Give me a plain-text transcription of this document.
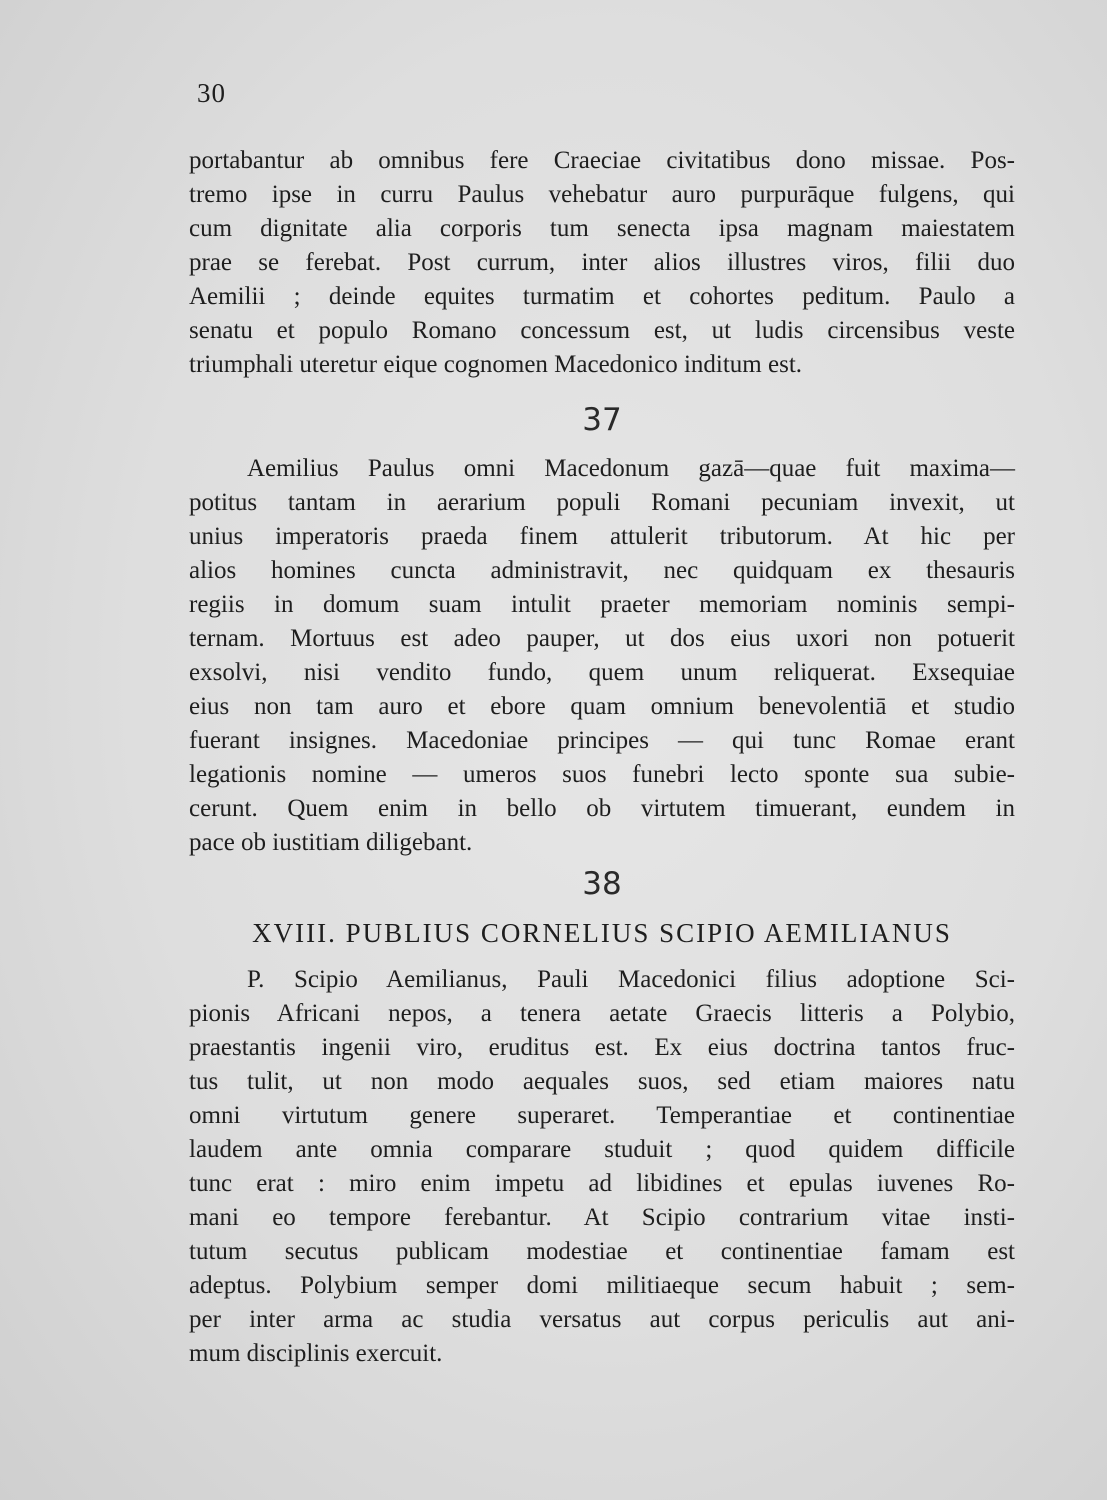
30
portabantur ab omnibus fere Craeciae civitatibus dono missae. Pos-
tremo ipse in curru Paulus vehebatur auro purpurāque fulgens, qui
cum dignitate alia corporis tum senecta ipsa magnam maiestatem
prae se ferebat. Post currum, inter alios illustres viros, filii duo
Aemilii ; deinde equites turmatim et cohortes peditum. Paulo a
senatu et populo Romano concessum est, ut ludis circensibus veste
triumphali uteretur eique cognomen Macedonico inditum est.
37
Aemilius Paulus omni Macedonum gazā—quae fuit maxima—
potitus tantam in aerarium populi Romani pecuniam invexit, ut
unius imperatoris praeda finem attulerit tributorum. At hic per
alios homines cuncta administravit, nec quidquam ex thesauris
regiis in domum suam intulit praeter memoriam nominis sempi-
ternam. Mortuus est adeo pauper, ut dos eius uxori non potuerit
exsolvi, nisi vendito fundo, quem unum reliquerat. Exsequiae
eius non tam auro et ebore quam omnium benevolentiā et studio
fuerant insignes. Macedoniae principes — qui tunc Romae erant
legationis nomine — umeros suos funebri lecto sponte sua subie-
cerunt. Quem enim in bello ob virtutem timuerant, eundem in
pace ob iustitiam diligebant.
38
XVIII. PUBLIUS CORNELIUS SCIPIO AEMILIANUS
P. Scipio Aemilianus, Pauli Macedonici filius adoptione Sci-
pionis Africani nepos, a tenera aetate Graecis litteris a Polybio,
praestantis ingenii viro, eruditus est. Ex eius doctrina tantos fruc-
tus tulit, ut non modo aequales suos, sed etiam maiores natu
omni virtutum genere superaret. Temperantiae et continentiae
laudem ante omnia comparare studuit ; quod quidem difficile
tunc erat : miro enim impetu ad libidines et epulas iuvenes Ro-
mani eo tempore ferebantur. At Scipio contrarium vitae insti-
tutum secutus publicam modestiae et continentiae famam est
adeptus. Polybium semper domi militiaeque secum habuit ; sem-
per inter arma ac studia versatus aut corpus periculis aut ani-
mum disciplinis exercuit.
